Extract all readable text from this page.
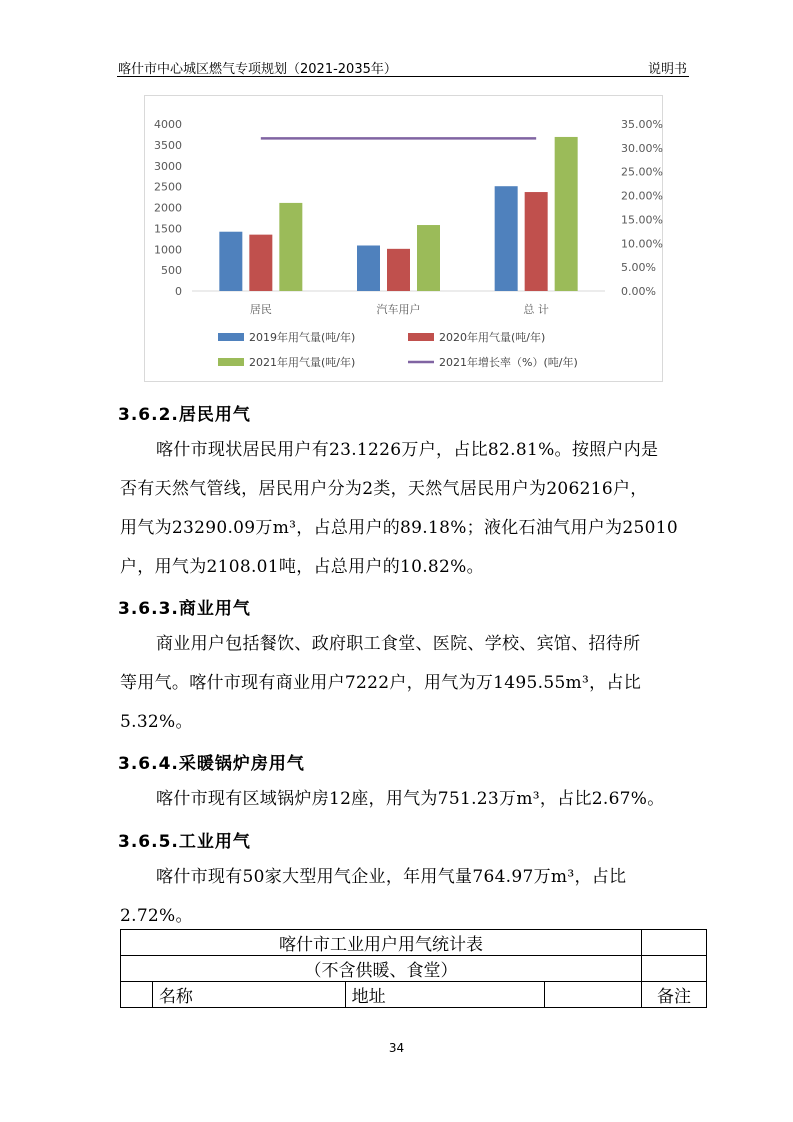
喀什市中心城区燃气专项规划（2021-2035年）	说明书
0
500
1000
1500
2000
2500
3000
3500
4000
0.00%
5.00%
10.00%
15.00%
20.00%
25.00%
30.00%
35.00%
居民	汽车用户	总 计
2019年用气量(吨/年)	2020年用气量(吨/年)
2021年用气量(吨/年)	2021年增长率（%）(吨/年)
3.6.2.居民用气
喀什市现状居民用户有23.1226万户，占比82.81%。按照户内是
否有天然气管线，居民用户分为2类，天然气居民用户为206216户，
用气为23290.09万m³，占总用户的89.18%；液化石油气用户为25010
户，用气为2108.01吨，占总用户的10.82%。
3.6.3.商业用气
商业用户包括餐饮、政府职工食堂、医院、学校、宾馆、招待所
等用气。喀什市现有商业用户7222户，用气为万1495.55m³，占比
5.32%。
3.6.4.采暖锅炉房用气
喀什市现有区域锅炉房12座，用气为751.23万m³，占比2.67%。
3.6.5.工业用气
喀什市现有50家大型用气企业，年用气量764.97万m³，占比
2.72%。
喀什市工业用户用气统计表				
（不含供暖、食堂）				
	名称	地址		备注
34
